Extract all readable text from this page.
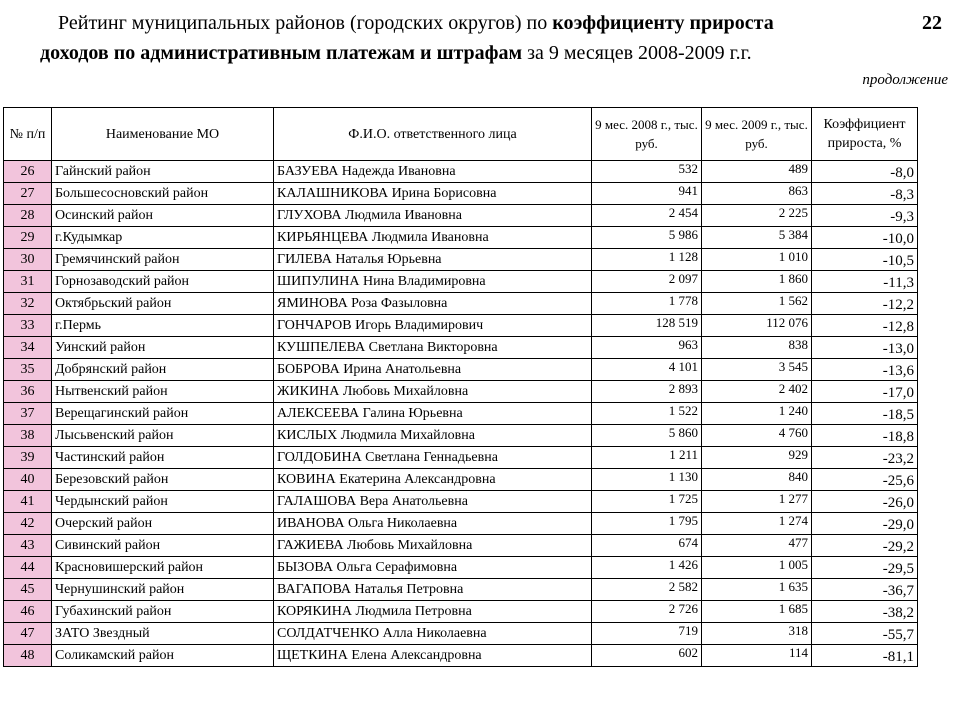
Рейтинг муниципальных районов (городских округов) по коэффициенту прироста
доходов по административным платежам и штрафам за 9 месяцев 2008-2009 г.г.
22
продолжение
№ п/п	Наименование МО	Ф.И.О. ответственного лица	9 мес. 2008 г., тыс. руб.	9 мес. 2009 г., тыс. руб.	Коэффициент прироста, %
26	Гайнский район	БАЗУЕВА Надежда Ивановна	532	489	-8,0
27	Большесосновский район	КАЛАШНИКОВА Ирина Борисовна	941	863	-8,3
28	Осинский район	ГЛУХОВА Людмила Ивановна	2 454	2 225	-9,3
29	г.Кудымкар	КИРЬЯНЦЕВА Людмила Ивановна	5 986	5 384	-10,0
30	Гремячинский район	ГИЛЕВА Наталья Юрьевна	1 128	1 010	-10,5
31	Горнозаводский район	ШИПУЛИНА Нина Владимировна	2 097	1 860	-11,3
32	Октябрьский район	ЯМИНОВА Роза Фазыловна	1 778	1 562	-12,2
33	г.Пермь	ГОНЧАРОВ Игорь Владимирович	128 519	112 076	-12,8
34	Уинский район	КУШПЕЛЕВА Светлана Викторовна	963	838	-13,0
35	Добрянский район	БОБРОВА Ирина Анатольевна	4 101	3 545	-13,6
36	Нытвенский район	ЖИКИНА Любовь Михайловна	2 893	2 402	-17,0
37	Верещагинский район	АЛЕКСЕЕВА Галина Юрьевна	1 522	1 240	-18,5
38	Лысьвенский район	КИСЛЫХ Людмила Михайловна	5 860	4 760	-18,8
39	Частинский район	ГОЛДОБИНА Светлана Геннадьевна	1 211	929	-23,2
40	Березовский район	КОВИНА Екатерина Александровна	1 130	840	-25,6
41	Чердынский район	ГАЛАШОВА Вера Анатольевна	1 725	1 277	-26,0
42	Очерский район	ИВАНОВА Ольга Николаевна	1 795	1 274	-29,0
43	Сивинский район	ГАЖИЕВА Любовь Михайловна	674	477	-29,2
44	Красновишерский район	БЫЗОВА Ольга Серафимовна	1 426	1 005	-29,5
45	Чернушинский район	ВАГАПОВА Наталья Петровна	2 582	1 635	-36,7
46	Губахинский район	КОРЯКИНА Людмила Петровна	2 726	1 685	-38,2
47	ЗАТО Звездный	СОЛДАТЧЕНКО Алла Николаевна	719	318	-55,7
48	Соликамский район	ЩЕТКИНА Елена Александровна	602	114	-81,1
